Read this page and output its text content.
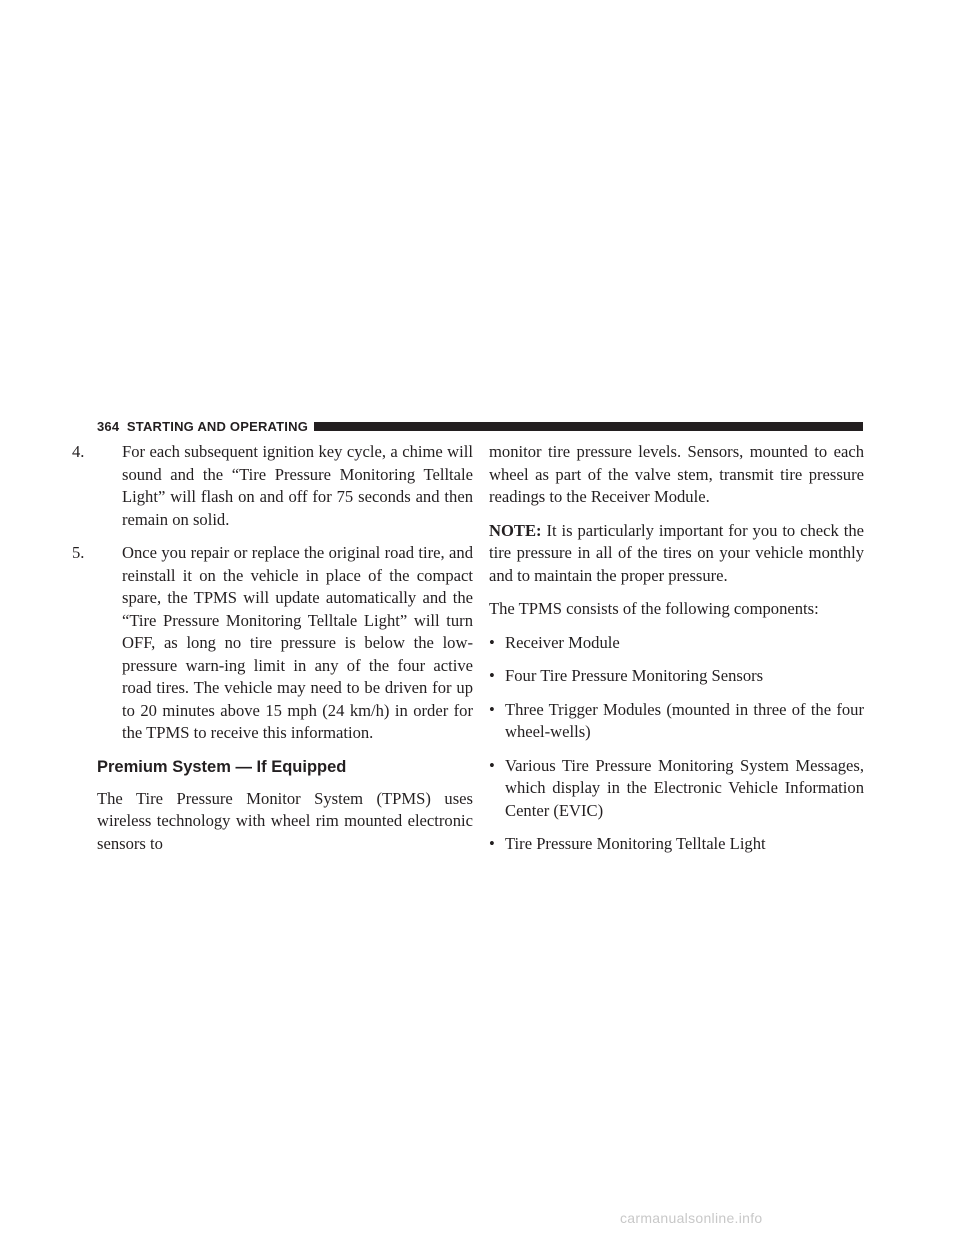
364 STARTING AND OPERATING

4. For each subsequent ignition key cycle, a chime will sound and the “Tire Pressure Monitoring Telltale Light” will flash on and off for 75 seconds and then remain on solid.

5. Once you repair or replace the original road tire, and reinstall it on the vehicle in place of the compact spare, the TPMS will update automatically and the “Tire Pressure Monitoring Telltale Light” will turn OFF, as long no tire pressure is below the low-pressure warn-ing limit in any of the four active road tires. The vehicle may need to be driven for up to 20 minutes above 15 mph (24 km/h) in order for the TPMS to receive this information.

Premium System — If Equipped

The Tire Pressure Monitor System (TPMS) uses wireless technology with wheel rim mounted electronic sensors to

monitor tire pressure levels. Sensors, mounted to each wheel as part of the valve stem, transmit tire pressure readings to the Receiver Module.

NOTE: It is particularly important for you to check the tire pressure in all of the tires on your vehicle monthly and to maintain the proper pressure.

The TPMS consists of the following components:

• Receiver Module
• Four Tire Pressure Monitoring Sensors
• Three Trigger Modules (mounted in three of the four wheel-wells)
• Various Tire Pressure Monitoring System Messages, which display in the Electronic Vehicle Information Center (EVIC)
• Tire Pressure Monitoring Telltale Light
carmanualsonline.info
